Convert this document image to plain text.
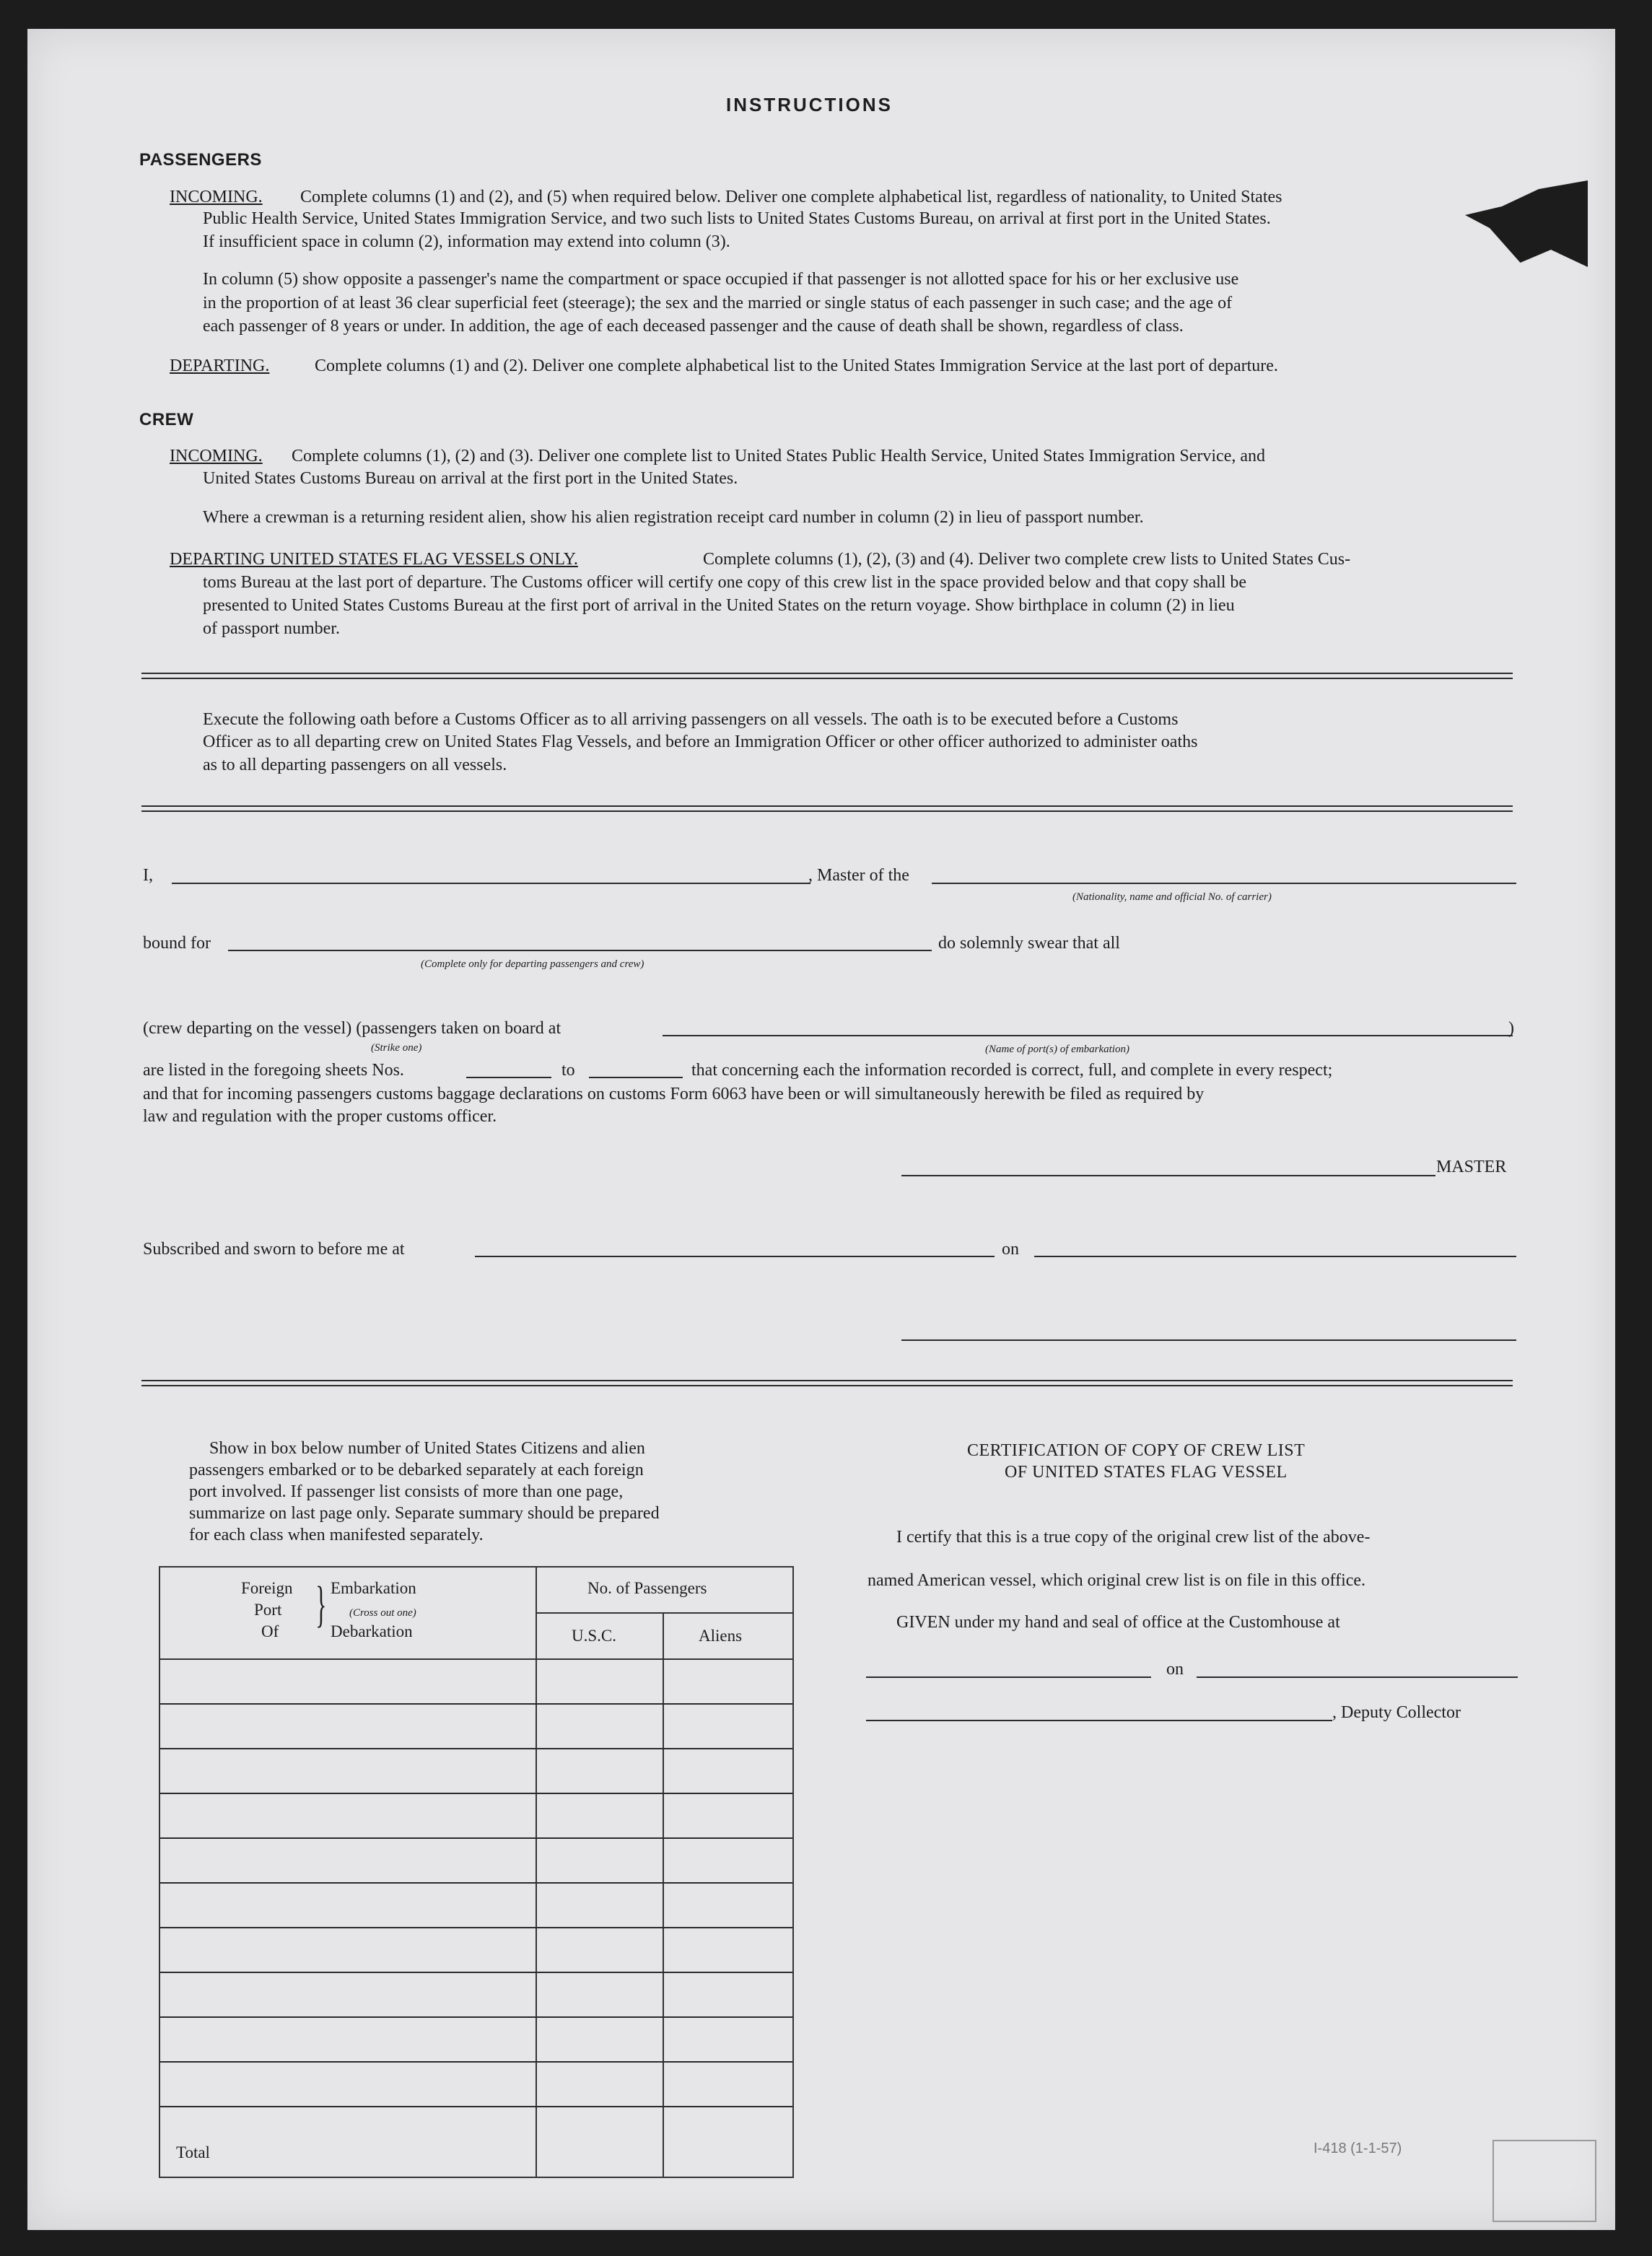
INSTRUCTIONS
PASSENGERS
INCOMING. Complete columns (1) and (2), and (5) when required below. Deliver one complete alphabetical list, regardless of nationality, to United States
Public Health Service, United States Immigration Service, and two such lists to United States Customs Bureau, on arrival at first port in the United States.
If insufficient space in column (2), information may extend into column (3).
In column (5) show opposite a passenger's name the compartment or space occupied if that passenger is not allotted space for his or her exclusive use
in the proportion of at least 36 clear superficial feet (steerage); the sex and the married or single status of each passenger in such case; and the age of
each passenger of 8 years or under. In addition, the age of each deceased passenger and the cause of death shall be shown, regardless of class.
DEPARTING.	Complete columns (1) and (2). Deliver one complete alphabetical list to the United States Immigration Service at the last port of departure.
CREW
INCOMING. Complete columns (1), (2) and (3). Deliver one complete list to United States Public Health Service, United States Immigration Service, and
United States Customs Bureau on arrival at the first port in the United States.
Where a crewman is a returning resident alien, show his alien registration receipt card number in column (2) in lieu of passport number.
DEPARTING UNITED STATES FLAG VESSELS ONLY.	Complete columns (1), (2), (3) and (4). Deliver two complete crew lists to United States Cus-
toms Bureau at the last port of departure. The Customs officer will certify one copy of this crew list in the space provided below and that copy shall be
presented to United States Customs Bureau at the first port of arrival in the United States on the return voyage. Show birthplace in column (2) in lieu
of passport number.
Execute the following oath before a Customs Officer as to all arriving passengers on all vessels. The oath is to be executed before a Customs
Officer as to all departing crew on United States Flag Vessels, and before an Immigration Officer or other officer authorized to administer oaths
as to all departing passengers on all vessels.
I,	, Master of the
(Nationality, name and official No. of carrier)
bound for
(Complete only for departing passengers and crew)
do solemnly swear that all
(crew departing on the vessel) (passengers taken on board at
(Strike one)	(Name of port(s) of embarkation)
)
are listed in the foregoing sheets Nos.	to	that concerning each the information recorded is correct, full, and complete in every respect;
and that for incoming passengers customs baggage declarations on customs Form 6063 have been or will simultaneously herewith be filed as required by
law and regulation with the proper customs officer.
MASTER
Subscribed and sworn to before me at	on
Show in box below number of United States Citizens and alien
passengers embarked or to be debarked separately at each foreign
port involved. If passenger list consists of more than one page,
summarize on last page only. Separate summary should be prepared
for each class when manifested separately.
Foreign
Port
Of } Embarkation
(Cross out one)
Debarkation
No. of Passengers
U.S.C.	Aliens
Total
CERTIFICATION OF COPY OF CREW LIST
OF UNITED STATES FLAG VESSEL
I certify that this is a true copy of the original crew list of the above-
named American vessel, which original crew list is on file in this office.
GIVEN under my hand and seal of office at the Customhouse at
on
, Deputy Collector
I-418 (1-1-57)
